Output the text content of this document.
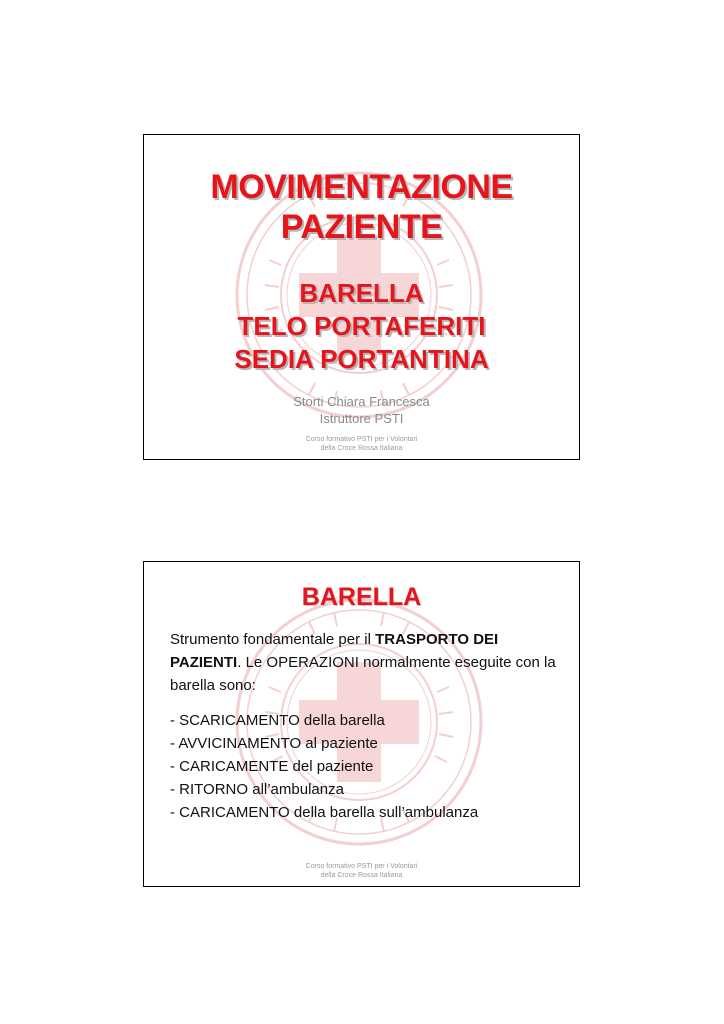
MOVIMENTAZIONE
PAZIENTE
BARELLA
TELO PORTAFERITI
SEDIA PORTANTINA
Storti Chiara Francesca
Istruttore PSTI
Corso formativo PSTI per i Volontari
della Croce Rossa Italiana
BARELLA

Strumento fondamentale per il TRASPORTO DEI PAZIENTI. Le OPERAZIONI normalmente eseguite con la barella sono:

- SCARICAMENTO della barella
- AVVICINAMENTO al paziente
- CARICAMENTE del paziente
- RITORNO all’ambulanza
- CARICAMENTO della barella sull’ambulanza
Corso formativo PSTI per i Volontari
della Croce Rossa Italiana
